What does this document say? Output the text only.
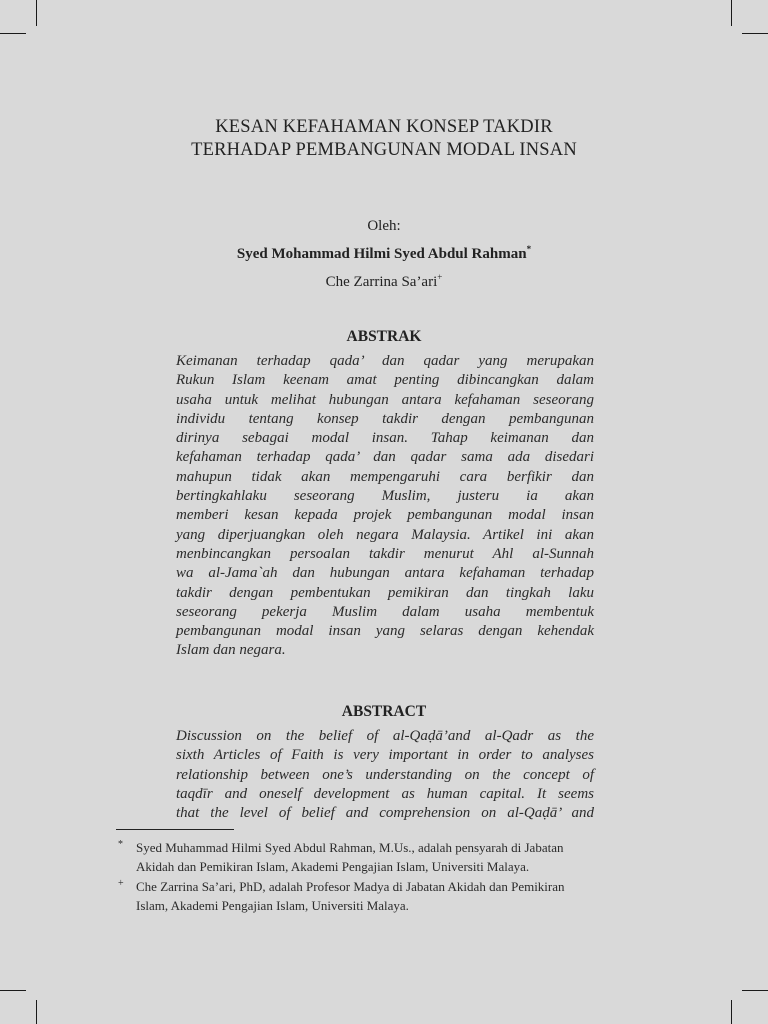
KESAN KEFAHAMAN KONSEP TAKDIR
TERHADAP PEMBANGUNAN MODAL INSAN
Oleh:
Syed Mohammad Hilmi Syed Abdul Rahman*
Che Zarrina Sa’ari+
ABSTRAK
Keimanan terhadap qada’ dan qadar yang merupakan
Rukun Islam keenam amat penting dibincangkan dalam
usaha untuk melihat hubungan antara kefahaman seseorang
individu tentang konsep takdir dengan pembangunan
dirinya sebagai modal insan. Tahap keimanan dan
kefahaman terhadap qada’ dan qadar sama ada disedari
mahupun tidak akan mempengaruhi cara berfikir dan
bertingkahlaku seseorang Muslim, justeru ia akan
memberi kesan kepada projek pembangunan modal insan
yang diperjuangkan oleh negara Malaysia. Artikel ini akan
menbincangkan persoalan takdir menurut Ahl al-Sunnah
wa al-Jama`ah dan hubungan antara kefahaman terhadap
takdir dengan pembentukan pemikiran dan tingkah laku
seseorang pekerja Muslim dalam usaha membentuk
pembangunan modal insan yang selaras dengan kehendak
Islam dan negara.
ABSTRACT
Discussion on the belief of al-Qaḍā’and al-Qadr as the
sixth Articles of Faith is very important in order to analyses
relationship between one’s understanding on the concept of
taqdīr and oneself development as human capital. It seems
that the level of belief and comprehension on al-Qaḍā’ and
* Syed Muhammad Hilmi Syed Abdul Rahman, M.Us., adalah pensyarah di Jabatan
Akidah dan Pemikiran Islam, Akademi Pengajian Islam, Universiti Malaya.
+ Che Zarrina Sa’ari, PhD, adalah Profesor Madya di Jabatan Akidah dan Pemikiran
Islam, Akademi Pengajian Islam, Universiti Malaya.
